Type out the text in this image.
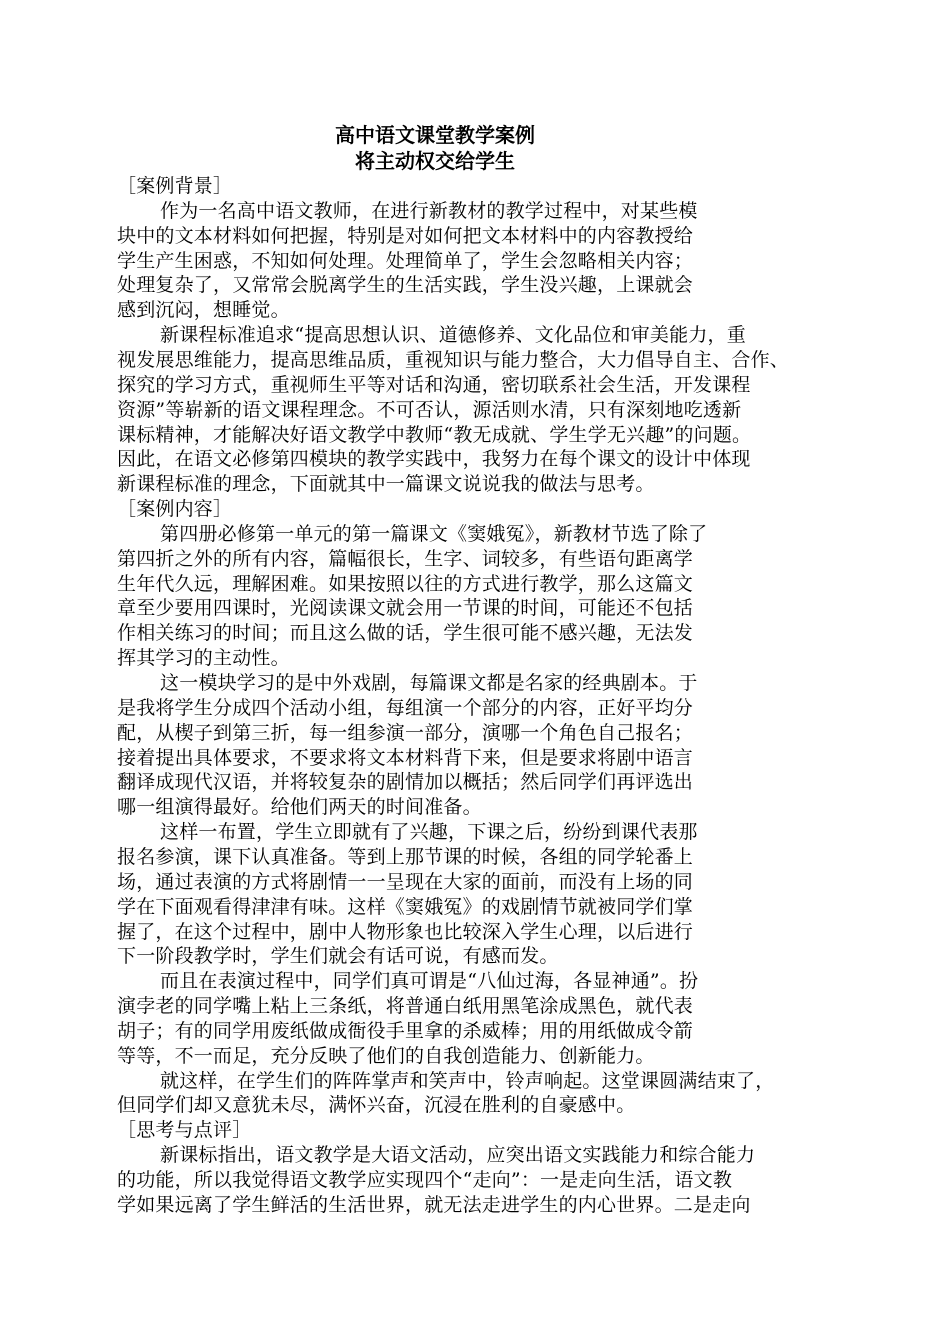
高中语文课堂教学案例
将主动权交给学生
［案例背景］
作为一名高中语文教师，在进行新教材的教学过程中，对某些模
块中的文本材料如何把握，特别是对如何把文本材料中的内容教授给
学生产生困惑，不知如何处理。处理简单了，学生会忽略相关内容；
处理复杂了，又常常会脱离学生的生活实践，学生没兴趣，上课就会
感到沉闷，想睡觉。
新课程标准追求“提高思想认识、道德修养、文化品位和审美能力，重
视发展思维能力，提高思维品质，重视知识与能力整合，大力倡导自主、合作、
探究的学习方式，重视师生平等对话和沟通，密切联系社会生活，开发课程
资源”等崭新的语文课程理念。不可否认，源活则水清，只有深刻地吃透新
课标精神，才能解决好语文教学中教师“教无成就、学生学无兴趣”的问题。
因此，在语文必修第四模块的教学实践中，我努力在每个课文的设计中体现
新课程标准的理念，下面就其中一篇课文说说我的做法与思考。
［案例内容］
第四册必修第一单元的第一篇课文《窦娥冤》，新教材节选了除了
第四折之外的所有内容，篇幅很长，生字、词较多，有些语句距离学
生年代久远，理解困难。如果按照以往的方式进行教学，那么这篇文
章至少要用四课时，光阅读课文就会用一节课的时间，可能还不包括
作相关练习的时间；而且这么做的话，学生很可能不感兴趣，无法发
挥其学习的主动性。
这一模块学习的是中外戏剧，每篇课文都是名家的经典剧本。于
是我将学生分成四个活动小组，每组演一个部分的内容，正好平均分
配，从楔子到第三折，每一组参演一部分，演哪一个角色自己报名；
接着提出具体要求，不要求将文本材料背下来，但是要求将剧中语言
翻译成现代汉语，并将较复杂的剧情加以概括；然后同学们再评选出
哪一组演得最好。给他们两天的时间准备。
这样一布置，学生立即就有了兴趣，下课之后，纷纷到课代表那
报名参演，课下认真准备。等到上那节课的时候，各组的同学轮番上
场，通过表演的方式将剧情一一呈现在大家的面前，而没有上场的同
学在下面观看得津津有味。这样《窦娥冤》的戏剧情节就被同学们掌
握了，在这个过程中，剧中人物形象也比较深入学生心理，以后进行
下一阶段教学时，学生们就会有话可说，有感而发。
而且在表演过程中，同学们真可谓是“八仙过海，各显神通”。扮
演孛老的同学嘴上粘上三条纸，将普通白纸用黑笔涂成黑色，就代表
胡子；有的同学用废纸做成衙役手里拿的杀威棒；用的用纸做成令箭
等等，不一而足，充分反映了他们的自我创造能力、创新能力。
就这样，在学生们的阵阵掌声和笑声中，铃声响起。这堂课圆满结束了，
但同学们却又意犹未尽，满怀兴奋，沉浸在胜利的自豪感中。
［思考与点评］
新课标指出，语文教学是大语文活动，应突出语文实践能力和综合能力
的功能，所以我觉得语文教学应实现四个“走向”：一是走向生活，语文教
学如果远离了学生鲜活的生活世界，就无法走进学生的内心世界。二是走向
